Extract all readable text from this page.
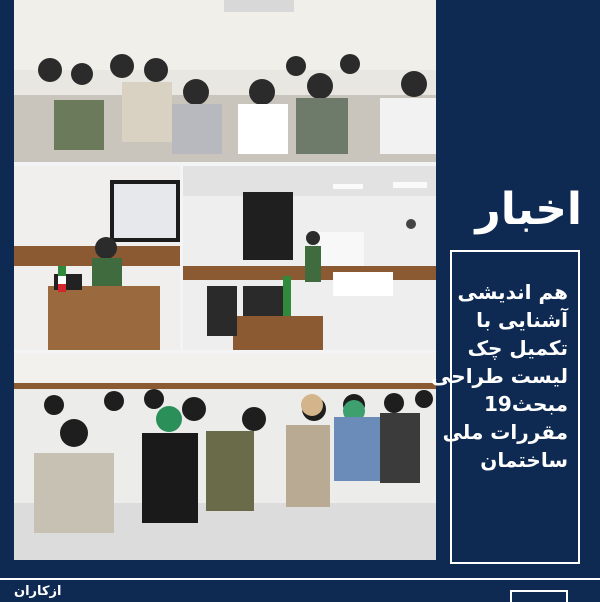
اخبار
هم اندیشی
آشنایی با
تکمیل چک
لیست طراحی
مبحث19
مقررات ملی
ساختمان
ازکاران
